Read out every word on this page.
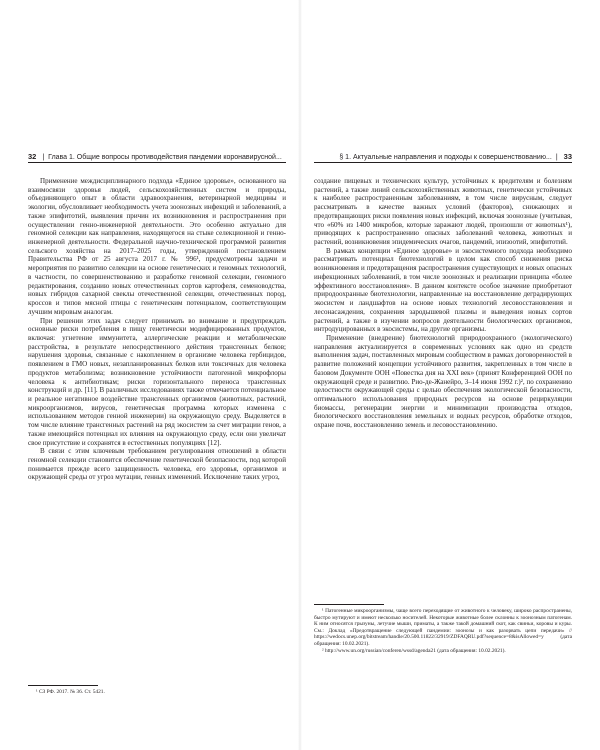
32 | Глава 1. Общие вопросы противодействия пандемии коронавирусной...

Применение междисциплинарного подхода «Единое здоровье», основанного на взаимосвязи здоровья людей, сельскохозяйственных систем и природы, объединяющего опыт в области здравоохранения, ветеринарной медицины и экологии, обусловливает необходимость учета зоонозных инфекций и заболеваний, а также эпифитотий, выявления причин их возникновения и распространения при осуществлении генно-инженерной деятельности. Это особенно актуально для геномной селекции как направления, находящегося на стыке селекционной и генно-инженерной деятельности. Федеральной научно-технической программой развития сельского хозяйства на 2017–2025 годы, утвержденной постановлением Правительства РФ от 25 августа 2017 г. № 996¹, предусмотрены задачи и мероприятия по развитию селекции на основе генетических и геномных технологий, в частности, по совершенствованию и разработке геномной селекции, геномного редактирования, созданию новых отечественных сортов картофеля, семеноводства, новых гибридов сахарной свеклы отечественной селекции, отечественных пород, кроссов и типов мясной птицы с генетическим потенциалом, соответствующим лучшим мировым аналогам.

При решении этих задач следует принимать во внимание и предупреждать основные риски потребления в пищу генетически модифицированных продуктов, включая: угнетение иммунитета, аллергические реакции и метаболические расстройства, в результате непосредственного действия трансгенных белков; нарушения здоровья, связанные с накоплением в организме человека гербицидов, появлением в ГМО новых, незапланированных белков или токсичных для человека продуктов метаболизма; возникновение устойчивости патогенной микрофлоры человека к антибиотикам; риски горизонтального переноса трансгенных конструкций и др. [11]. В различных исследованиях также отмечается потенциальное и реальное негативное воздействие трансгенных организмов (животных, растений, микроорганизмов, вирусов, генетическая программа которых изменена с использованием методов генной инженерии) на окружающую среду. Выделяется в том числе влияние трансгенных растений на ряд экосистем за счет миграции генов, а также имеющийся потенциал их влияния на окружающую среду, если они увеличат свое присутствие и сохранятся в естественных популяциях [12].

В связи с этим ключевым требованием регулирования отношений в области геномной селекции становится обеспечение генетической безопасности, под которой понимается прежде всего защищенность человека, его здоровья, организмов и окружающей среды от угроз мутации, генных изменений. Исключение таких угроз,

¹ СЗ РФ. 2017. № 36. Ст. 5421.

§ 1. Актуальные направления и подходы к совершенствованию... | 33

создание пищевых и технических культур, устойчивых к вредителям и болезням растений, а также линий сельскохозяйственных животных, генетически устойчивых к наиболее распространенным заболеваниям, в том числе вирусным, следует рассматривать в качестве важных условий (факторов), снижающих и предотвращающих риски появления новых инфекций, включая зоонозные (учитывая, что «60% из 1400 микробов, которые заражают людей, произошли от животных¹), приводящих к распространению опасных заболеваний человека, животных и растений, возникновения эпидемических очагов, пандемий, эпизоотий, эпифитотий.

В рамках концепции «Единое здоровье» и экосистемного подхода необходимо рассматривать потенциал биотехнологий в целом как способ снижения риска возникновения и предотвращения распространения существующих и новых опасных инфекционных заболеваний, в том числе зоонозных и реализации принципа «более эффективного восстановления». В данном контексте особое значение приобретают природоохранные биотехнологии, направленные на восстановление деградирующих экосистем и ландшафтов на основе новых технологий лесовосстановления и лесонасаждения, сохранения зародышевой плазмы и выведения новых сортов растений, а также в изучении вопросов деятельности биологических организмов, интродуцированных в экосистемы, на другие организмы.

Применение (внедрение) биотехнологий природоохранного (экологического) направления актуализируется в современных условиях как одно из средств выполнения задач, поставленных мировым сообществом в рамках договоренностей в развитие положений концепции устойчивого развития, закрепленных в том числе в базовом Документе ООН «Повестка дня на XXI век» (принят Конференцией ООН по окружающей среде и развитию. Рио-де-Жанейро, 3–14 июня 1992 г.)², по сохранению целостности окружающей среды с целью обеспечения экологической безопасности, оптимального использования природных ресурсов на основе рециркуляции биомассы, регенерации энергии и минимизации производства отходов, биологического восстановления земельных и водных ресурсов, обработке отходов, охране почв, восстановлению земель и лесовосстановлению.

¹ Патогенные микроорганизмы, чаще всего переходящие от животного к человеку, широко распространены, быстро мутируют и имеют несколько носителей. Некоторые животные более склонны к зоонозным патогенам. К ним относятся грызуны, летучие мыши, приматы, а также такой домашний скот, как свиньи, коровы и куры. См.: Доклад «Предотвращение следующей пандемии: зоонозы и как разорвать цепи передачи» // https://wedocs.unep.org/bitstream/handle/20.500.11822/32919/ZDFAQRU.pdf?sequence=8&isAllowed=y (дата обращения: 10.02.2021).

² http://www.un.org/russian/conferen/wssd/agenda21 (дата обращения: 10.02.2021).
